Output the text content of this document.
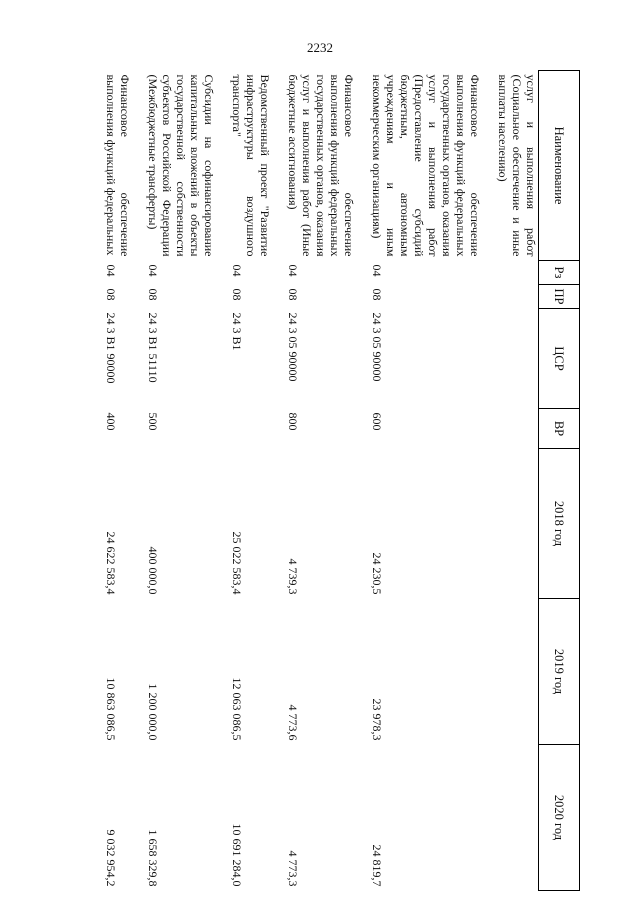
2232
Наименование	Рз	ПР	ЦСР	ВР	2018 год	2019 год	2020 год
услуг и выполнения работ (Социальное обеспечение и иные выплаты населению)							
Финансовое обеспечение выполнения функций федеральных государственных органов, оказания услуг и выполнения работ (Предоставление субсидий бюджетным, автономным учреждениям и иным некоммерческим организациям)	04	08	24 3 05 90000	600	24 230,5	23 978,3	24 819,7
Финансовое обеспечение выполнения функций федеральных государственных органов, оказания услуг и выполнения работ (Иные бюджетные ассигнования)	04	08	24 3 05 90000	800	4 739,3	4 773,6	4 773,3
Ведомственный проект "Развитие инфраструктуры воздушного транспорта"	04	08	24 3 В1		25 022 583,4	12 063 086,5	10 691 284,0
Субсидии на софинансирование капитальных вложений в объекты государственной собственности субъектов Российской Федерации (Межбюджетные трансферты)	04	08	24 3 В1 51110	500	400 000,0	1 200 000,0	1 658 329,8
Финансовое обеспечение выполнения функций федеральных	04	08	24 3 В1 90000	400	24 622 583,4	10 863 086,5	9 032 954,2
